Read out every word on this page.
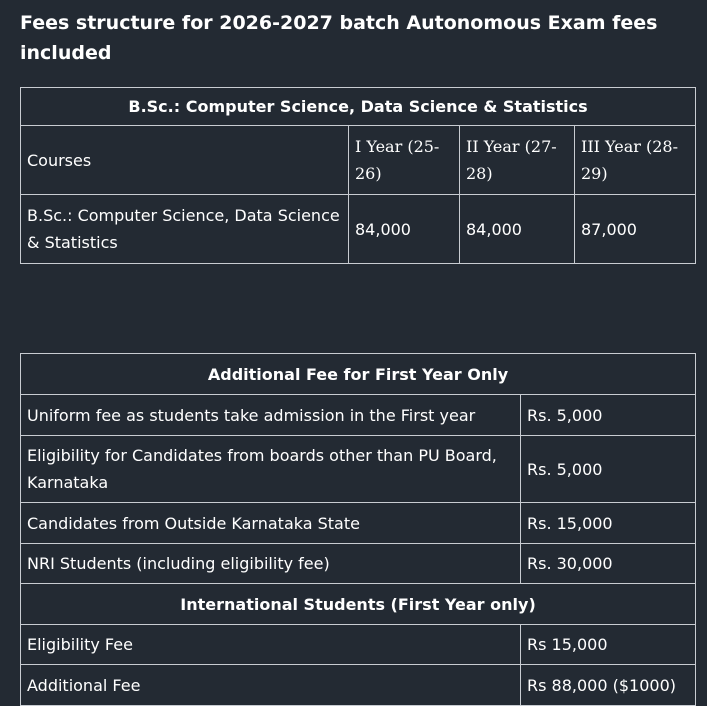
Fees structure for 2026-2027 batch Autonomous Exam fees included
B.Sc.: Computer Science, Data Science & Statistics			
Courses	I Year (25-26)	II Year (27-28)	III Year (28-29)
B.Sc.: Computer Science, Data Science & Statistics	84,000	84,000	87,000
Additional Fee for First Year Only	
Uniform fee as students take admission in the First year	Rs. 5,000
Eligibility for Candidates from boards other than PU Board, Karnataka	Rs. 5,000
Candidates from Outside Karnataka State	Rs. 15,000
NRI Students (including eligibility fee)	Rs. 30,000
International Students (First Year only)	
Eligibility Fee	Rs 15,000
Additional Fee	Rs 88,000 ($1000)
